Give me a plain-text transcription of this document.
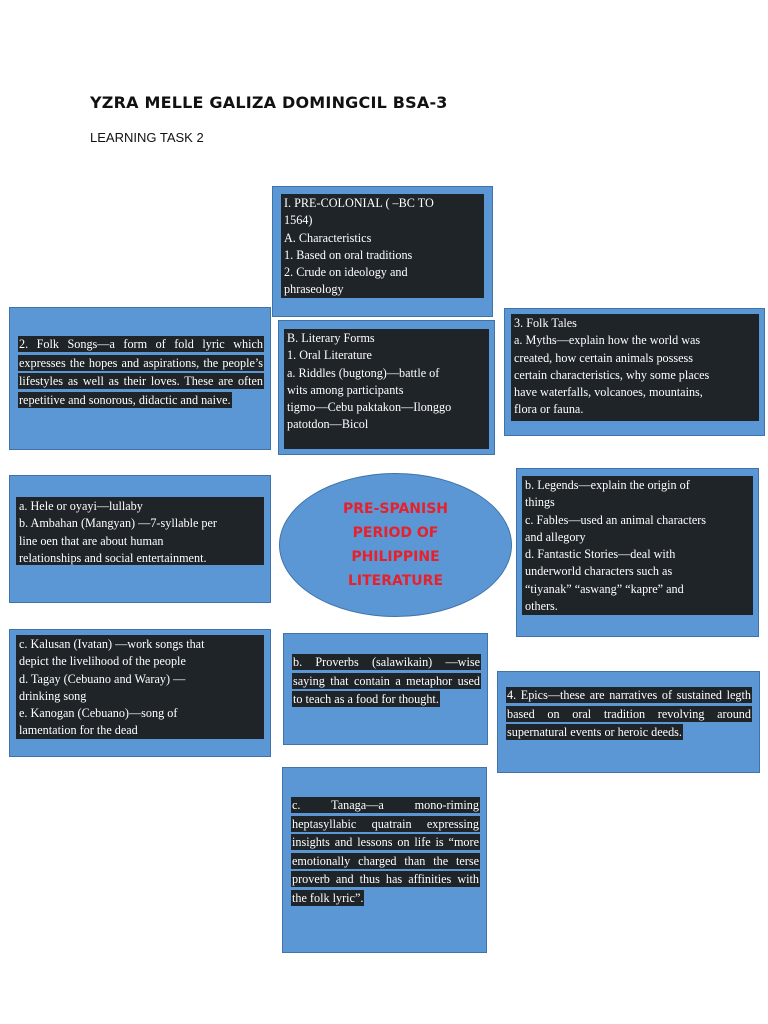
YZRA MELLE GALIZA DOMINGCIL BSA-3
LEARNING TASK 2
I. PRE-COLONIAL ( –BC TO
1564)
A. Characteristics
1. Based on oral traditions
2. Crude on ideology and
phraseology
B. Literary Forms
1. Oral Literature
a. Riddles (bugtong)—battle of
wits among participants
tigmo—Cebu paktakon—Ilonggo
patotdon—Bicol
2. Folk Songs—a form of fold lyric which expresses the hopes and aspirations, the people’s lifestyles as well as their loves. These are often repetitive and sonorous, didactic and naive.
3. Folk Tales
a. Myths—explain how the world was
created, how certain animals possess
certain characteristics, why some places
have waterfalls, volcanoes, mountains,
flora or fauna.
a. Hele or oyayi—lullaby
b. Ambahan (Mangyan) —7-syllable per
line oen that are about human
relationships and social entertainment.
PRE-SPANISH
PERIOD OF
PHILIPPINE
LITERATURE
b. Legends—explain the origin of
things
c. Fables—used an animal characters
and allegory
d. Fantastic Stories—deal with
underworld characters such as
“tiyanak” “aswang” “kapre” and
others.
c. Kalusan (Ivatan) —work songs that
depict the livelihood of the people
d. Tagay (Cebuano and Waray) —
drinking song
e. Kanogan (Cebuano)—song of
lamentation for the dead
b. Proverbs (salawikain) —wise saying that contain a metaphor used to teach as a food for thought.	4. Epics—these are narratives of sustained legth based on oral tradition revolving around supernatural events or heroic deeds.
c. Tanaga—a mono-riming heptasyllabic quatrain expressing insights and lessons on life is “more emotionally charged than the terse proverb and thus has affinities with the folk lyric”.
